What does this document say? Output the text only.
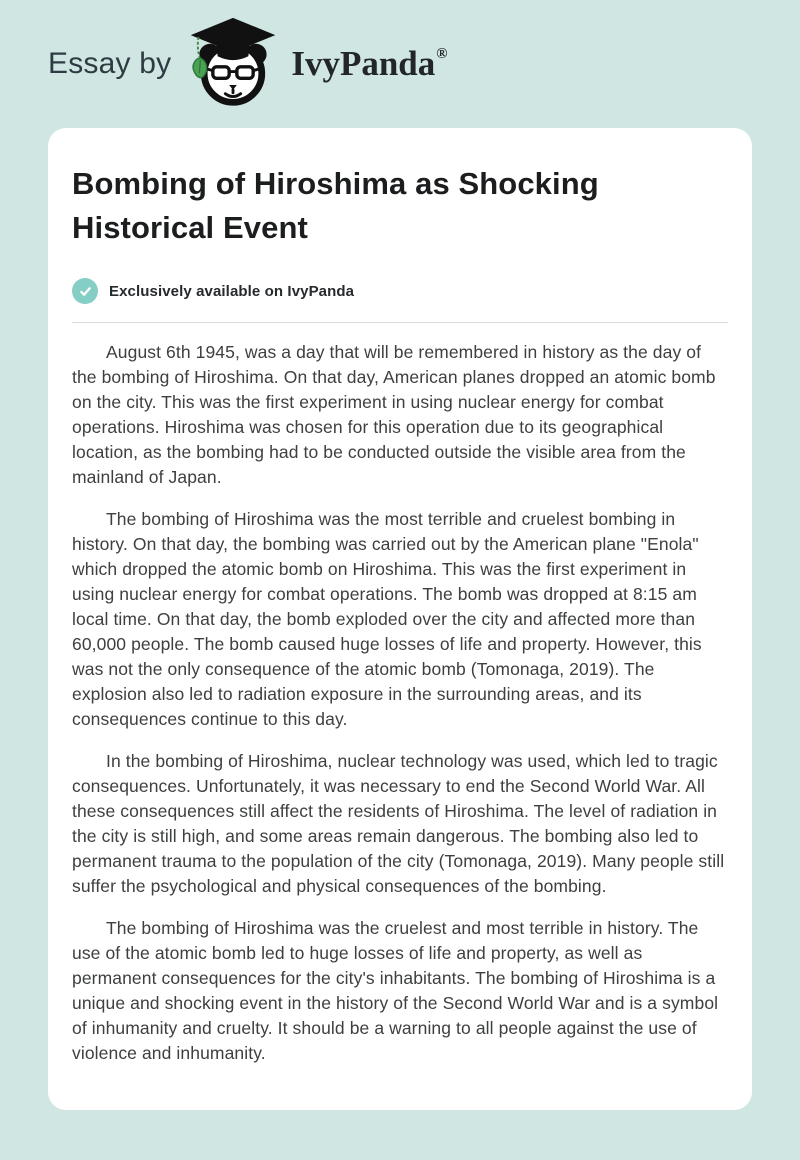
Essay by	IvyPanda ®
Bombing of Hiroshima as Shocking Historical Event
Exclusively available on IvyPanda

August 6th 1945, was a day that will be remembered in history as the day of the bombing of Hiroshima. On that day, American planes dropped an atomic bomb on the city. This was the first experiment in using nuclear energy for combat operations. Hiroshima was chosen for this operation due to its geographical location, as the bombing had to be conducted outside the visible area from the mainland of Japan.

The bombing of Hiroshima was the most terrible and cruelest bombing in history. On that day, the bombing was carried out by the American plane "Enola" which dropped the atomic bomb on Hiroshima. This was the first experiment in using nuclear energy for combat operations. The bomb was dropped at 8:15 am local time. On that day, the bomb exploded over the city and affected more than 60,000 people. The bomb caused huge losses of life and property. However, this was not the only consequence of the atomic bomb (Tomonaga, 2019). The explosion also led to radiation exposure in the surrounding areas, and its consequences continue to this day.

In the bombing of Hiroshima, nuclear technology was used, which led to tragic consequences. Unfortunately, it was necessary to end the Second World War. All these consequences still affect the residents of Hiroshima. The level of radiation in the city is still high, and some areas remain dangerous. The bombing also led to permanent trauma to the population of the city (Tomonaga, 2019). Many people still suffer the psychological and physical consequences of the bombing.

The bombing of Hiroshima was the cruelest and most terrible in history. The use of the atomic bomb led to huge losses of life and property, as well as permanent consequences for the city's inhabitants. The bombing of Hiroshima is a unique and shocking event in the history of the Second World War and is a symbol of inhumanity and cruelty. It should be a warning to all people against the use of violence and inhumanity.
